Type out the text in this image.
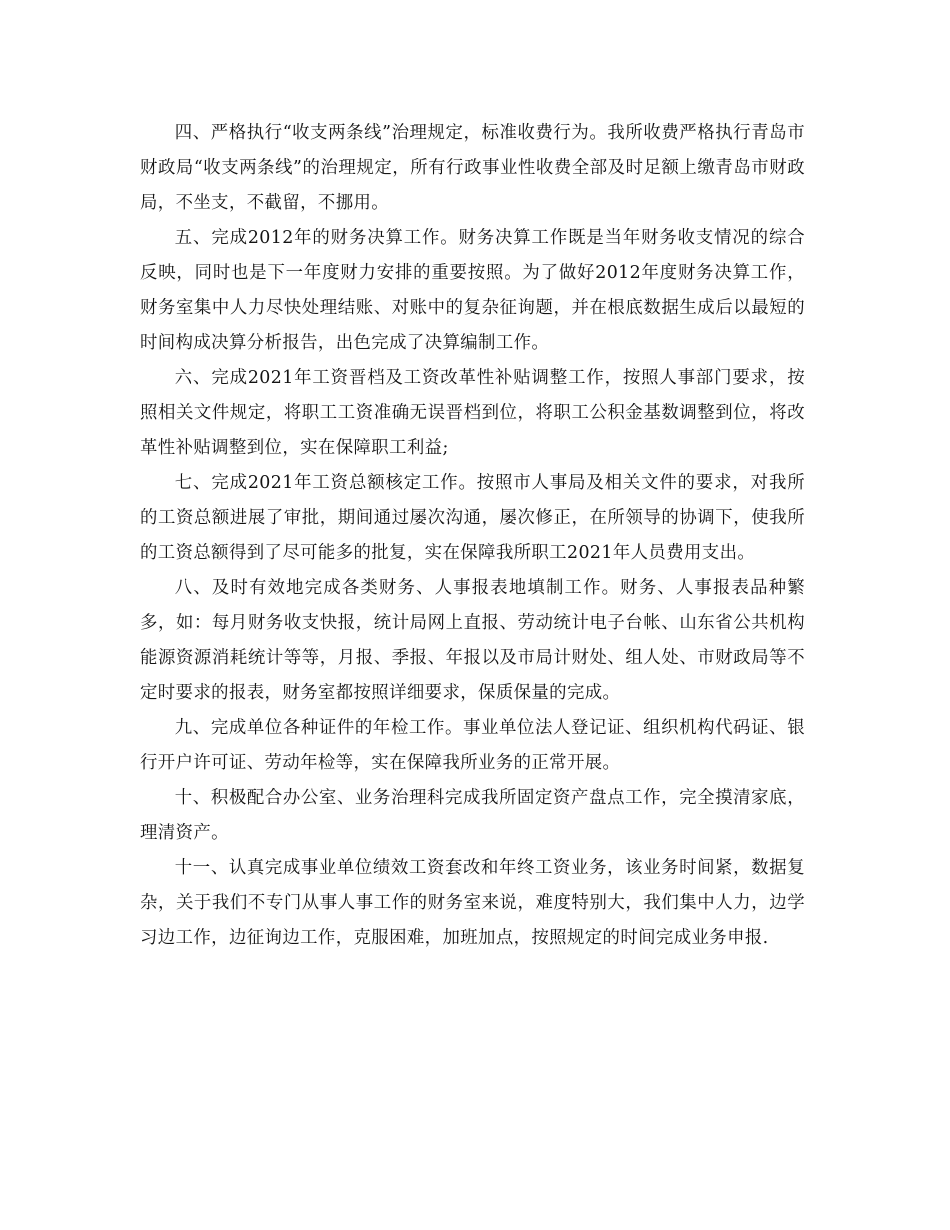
四、严格执行“收支两条线”治理规定，标准收费行为。我所收费严格执行青岛市财政局“收支两条线”的治理规定，所有行政事业性收费全部及时足额上缴青岛市财政局，不坐支，不截留，不挪用。

五、完成2012年的财务决算工作。财务决算工作既是当年财务收支情况的综合反映，同时也是下一年度财力安排的重要按照。为了做好2012年度财务决算工作，财务室集中人力尽快处理结账、对账中的复杂征询题，并在根底数据生成后以最短的时间构成决算分析报告，出色完成了决算编制工作。

六、完成2021年工资晋档及工资改革性补贴调整工作，按照人事部门要求，按照相关文件规定，将职工工资准确无误晋档到位，将职工公积金基数调整到位，将改革性补贴调整到位，实在保障职工利益;

七、完成2021年工资总额核定工作。按照市人事局及相关文件的要求，对我所的工资总额进展了审批，期间通过屡次沟通，屡次修正，在所领导的协调下，使我所的工资总额得到了尽可能多的批复，实在保障我所职工2021年人员费用支出。

八、及时有效地完成各类财务、人事报表地填制工作。财务、人事报表品种繁多，如：每月财务收支快报，统计局网上直报、劳动统计电子台帐、山东省公共机构能源资源消耗统计等等，月报、季报、年报以及市局计财处、组人处、市财政局等不定时要求的报表，财务室都按照详细要求，保质保量的完成。

九、完成单位各种证件的年检工作。事业单位法人登记证、组织机构代码证、银行开户许可证、劳动年检等，实在保障我所业务的正常开展。

十、积极配合办公室、业务治理科完成我所固定资产盘点工作，完全摸清家底，理清资产。

十一、认真完成事业单位绩效工资套改和年终工资业务，该业务时间紧，数据复杂，关于我们不专门从事人事工作的财务室来说，难度特别大，我们集中人力，边学习边工作，边征询边工作，克服困难，加班加点，按照规定的时间完成业务申报.
